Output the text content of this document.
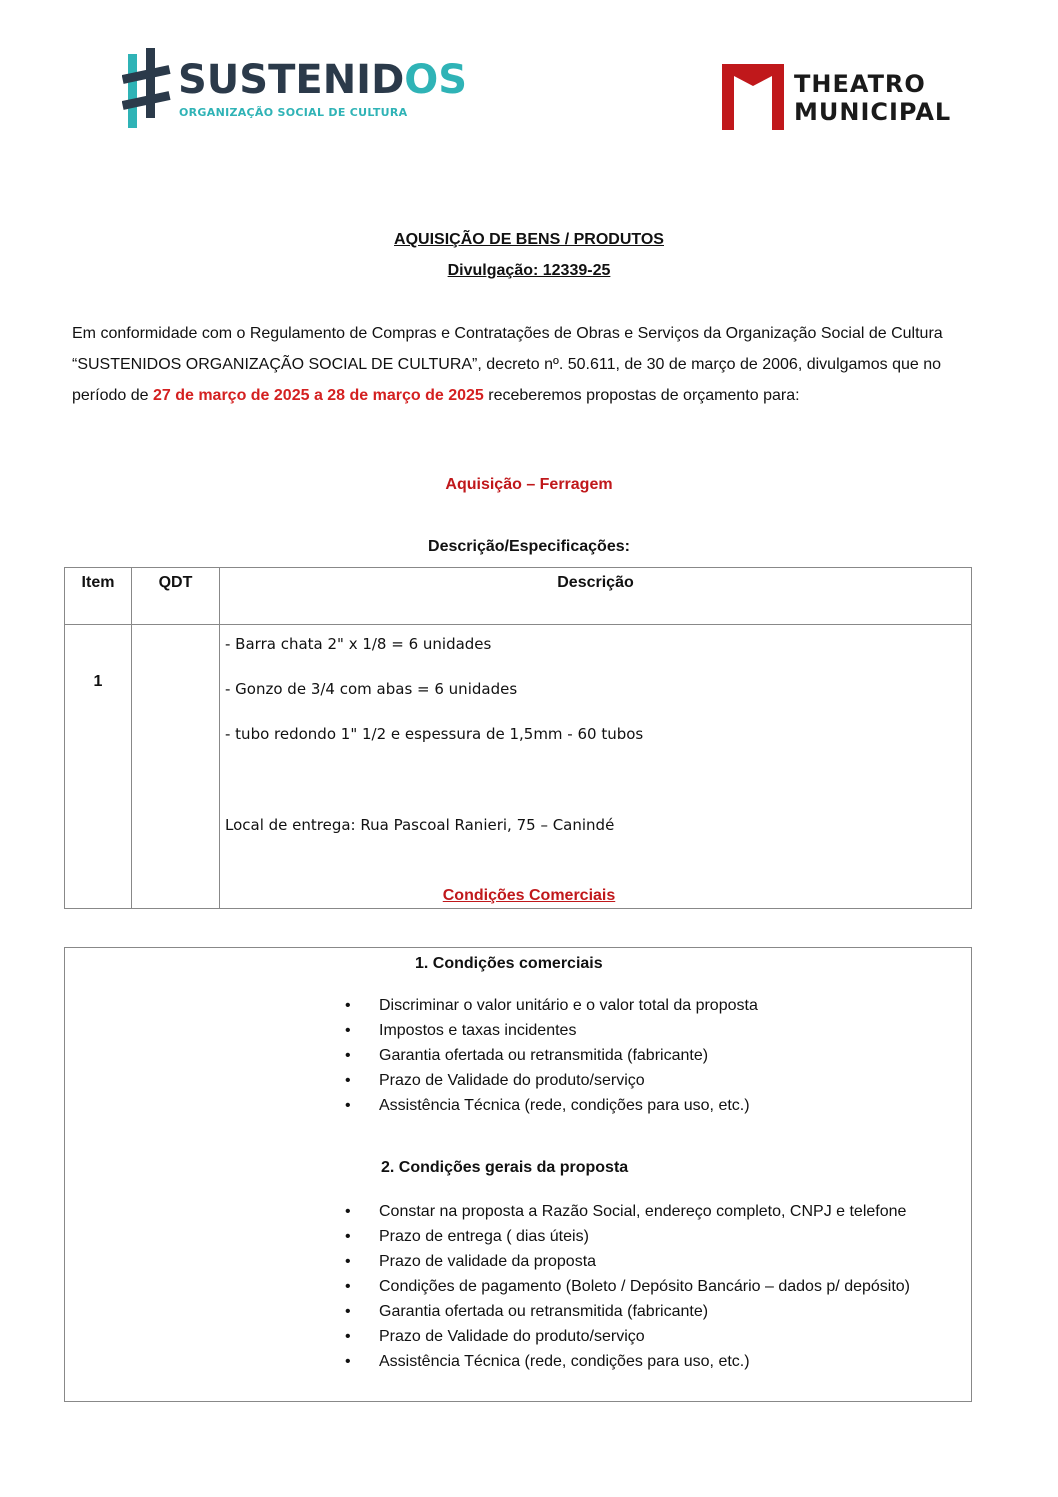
SUSTENIDOS
ORGANIZAÇÃO SOCIAL DE CULTURA
THEATRO
MUNICIPAL
AQUISIÇÃO DE BENS / PRODUTOS
Divulgação: 12339-25
Em conformidade com o Regulamento de Compras e Contratações de Obras e Serviços da Organização Social de Cultura “SUSTENIDOS ORGANIZAÇÃO SOCIAL DE CULTURA”, decreto nº. 50.611, de 30 de março de 2006, divulgamos que no período de 27 de março de 2025 a 28 de março de 2025 receberemos propostas de orçamento para:
Aquisição – Ferragem
Descrição/Especificações:
Item	QDT	Descrição
1		- Barra chata 2" x 1/8 = 6 unidades

- Gonzo de 3/4 com abas = 6 unidades

- tubo redondo 1" 1/2 e espessura de 1,5mm - 60 tubos

Local de entrega: Rua Pascoal Ranieri, 75 – Canindé

Condições Comerciais
1. Condições comerciais
• Discriminar o valor unitário e o valor total da proposta
• Impostos e taxas incidentes
• Garantia ofertada ou retransmitida (fabricante)
• Prazo de Validade do produto/serviço
• Assistência Técnica (rede, condições para uso, etc.)
2. Condições gerais da proposta
• Constar na proposta a Razão Social, endereço completo, CNPJ e telefone
• Prazo de entrega ( dias úteis)
• Prazo de validade da proposta
• Condições de pagamento (Boleto / Depósito Bancário – dados p/ depósito)
• Garantia ofertada ou retransmitida (fabricante)
• Prazo de Validade do produto/serviço
• Assistência Técnica (rede, condições para uso, etc.)
